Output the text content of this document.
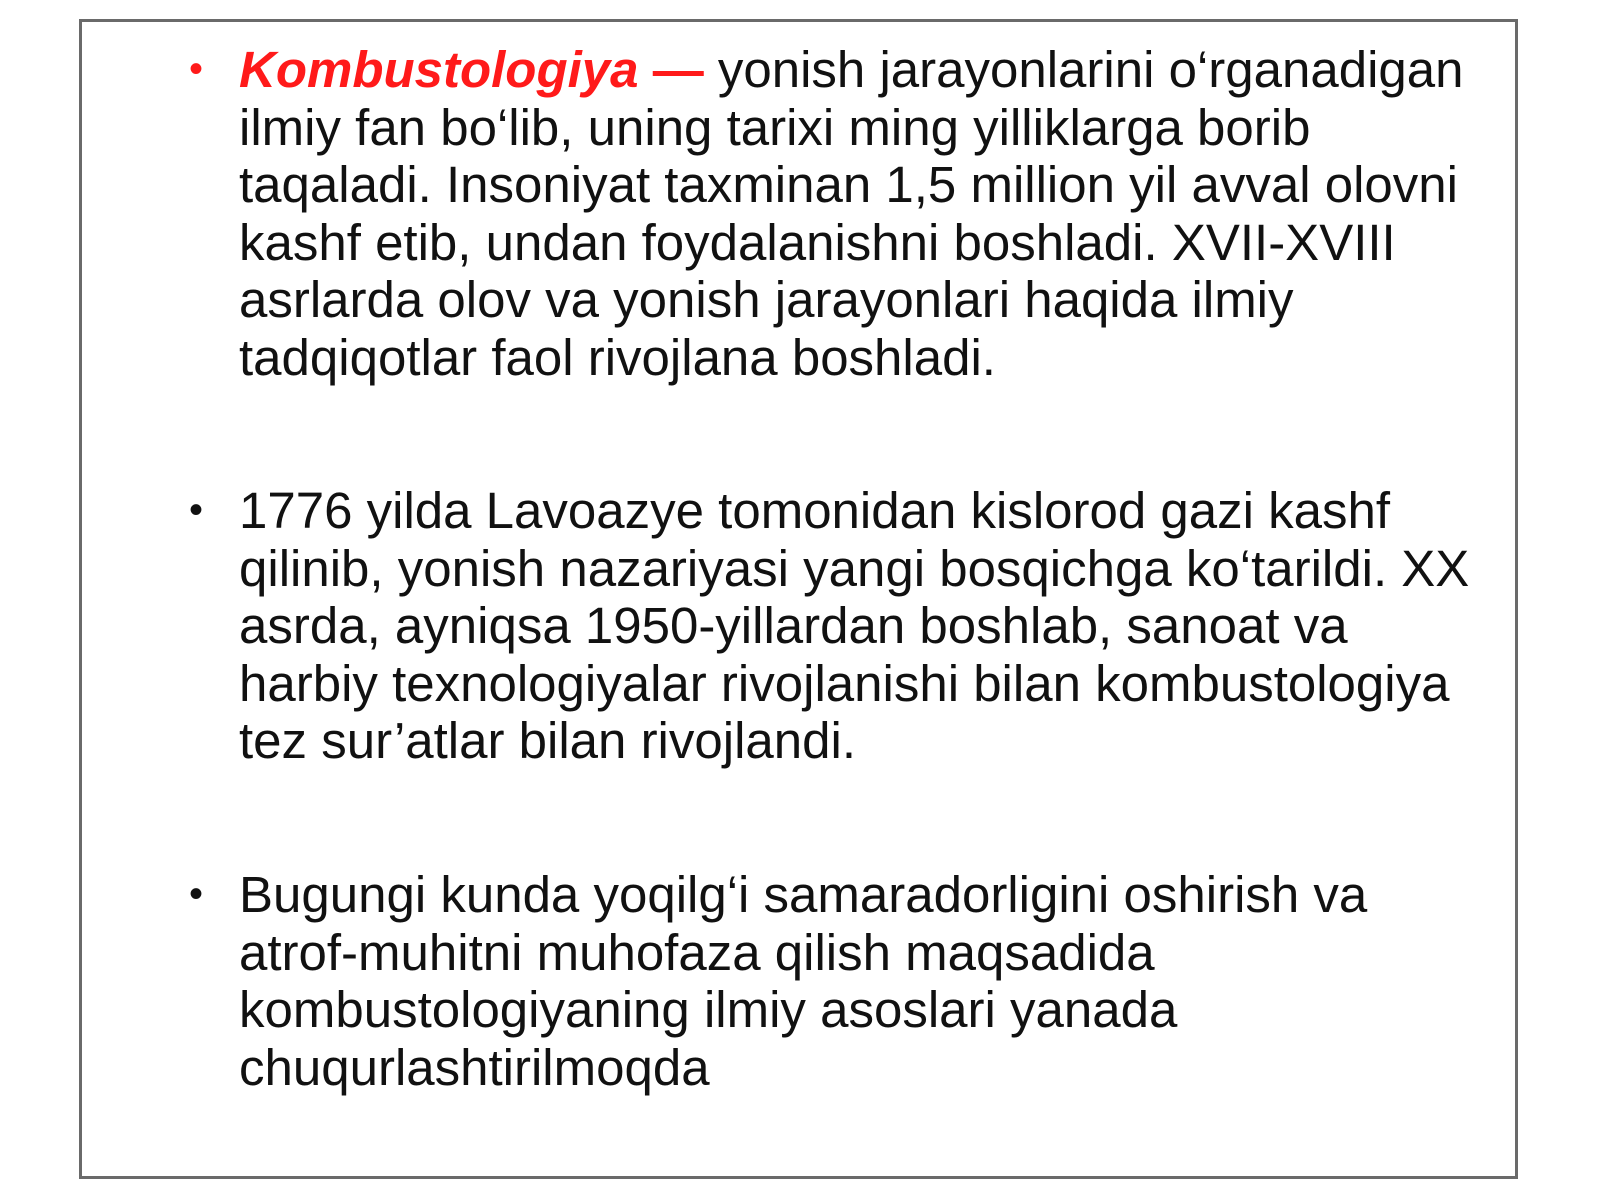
• Kombustologiya — yonish jarayonlarini o‘rganadigan ilmiy fan bo‘lib, uning tarixi ming yilliklarga borib taqaladi. Insoniyat taxminan 1,5 million yil avval olovni kashf etib, undan foydalanishni boshladi. XVII-XVIII asrlarda olov va yonish jarayonlari haqida ilmiy tadqiqotlar faol rivojlana boshladi.
• 1776 yilda Lavoazye tomonidan kislorod gazi kashf qilinib, yonish nazariyasi yangi bosqichga ko‘tarildi. XX asrda, ayniqsa 1950-yillardan boshlab, sanoat va harbiy texnologiyalar rivojlanishi bilan kombustologiya tez sur’atlar bilan rivojlandi.
• Bugungi kunda yoqilg‘i samaradorligini oshirish va atrof-muhitni muhofaza qilish maqsadida kombustologiyaning ilmiy asoslari yanada chuqurlashtirilmoqda
